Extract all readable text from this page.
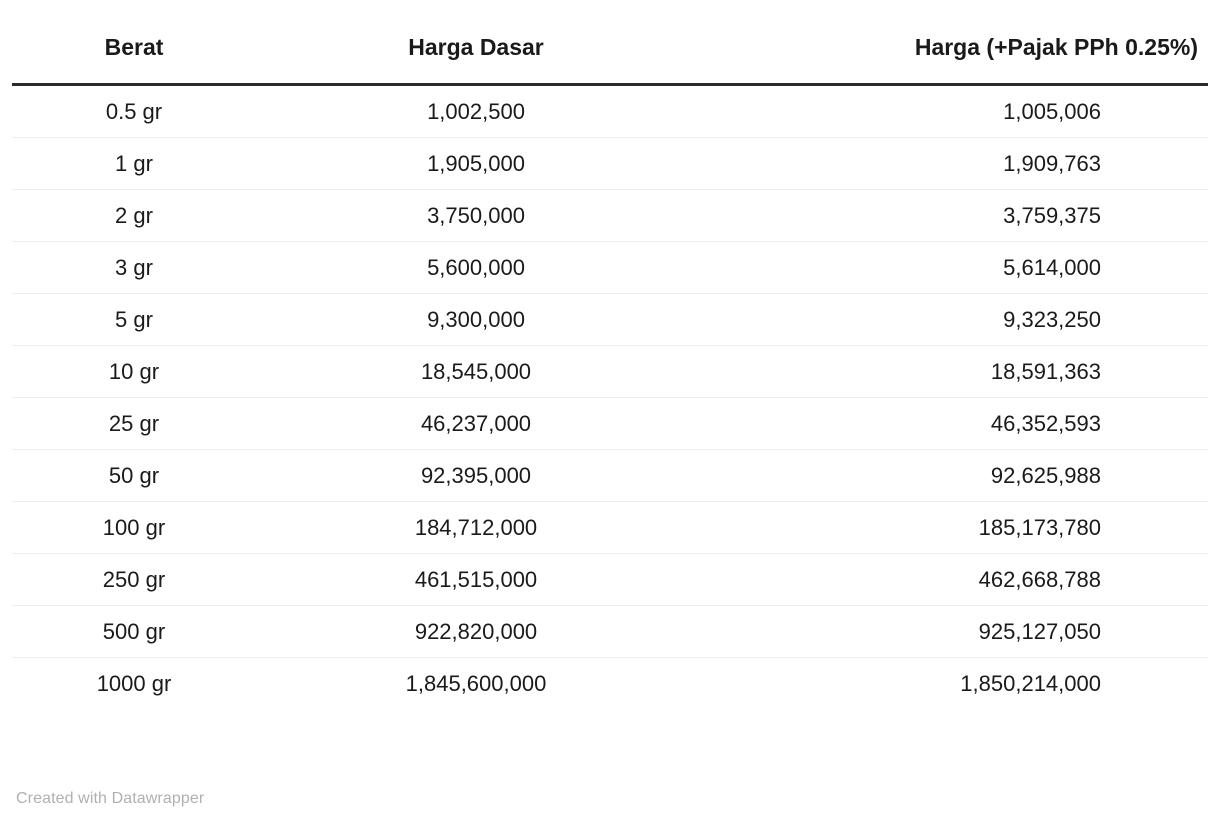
Berat	Harga Dasar	Harga (+Pajak PPh 0.25%)
0.5 gr	1,002,500	1,005,006
1 gr	1,905,000	1,909,763
2 gr	3,750,000	3,759,375
3 gr	5,600,000	5,614,000
5 gr	9,300,000	9,323,250
10 gr	18,545,000	18,591,363
25 gr	46,237,000	46,352,593
50 gr	92,395,000	92,625,988
100 gr	184,712,000	185,173,780
250 gr	461,515,000	462,668,788
500 gr	922,820,000	925,127,050
1000 gr	1,845,600,000	1,850,214,000
Created with Datawrapper
